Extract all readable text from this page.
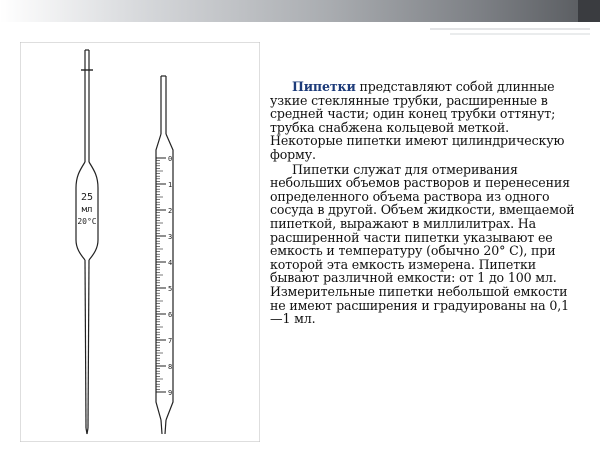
25
мл
20°С
0
1
2
3
4
5
6
7
8
9

Пипетки представляют собой длинные узкие стеклянные трубки, расширенные в средней части; один конец трубки оттянут; трубка снабжена кольцевой меткой. Некоторые пипетки имеют цилиндрическую форму.

Пипетки служат для отмеривания небольших объемов растворов и перенесения определенного объема раствора из одного сосуда в другой. Объем жидкости, вмещаемой пипеткой, выражают в миллилитрах. На расширенной части пипетки указывают ее емкость и температуру (обычно 20° С), при которой эта емкость измерена. Пипетки бывают различной емкости: от 1 до 100 мл. Измерительные пипетки небольшой емкости не имеют расширения и градуированы на 0,1—1 мл.
